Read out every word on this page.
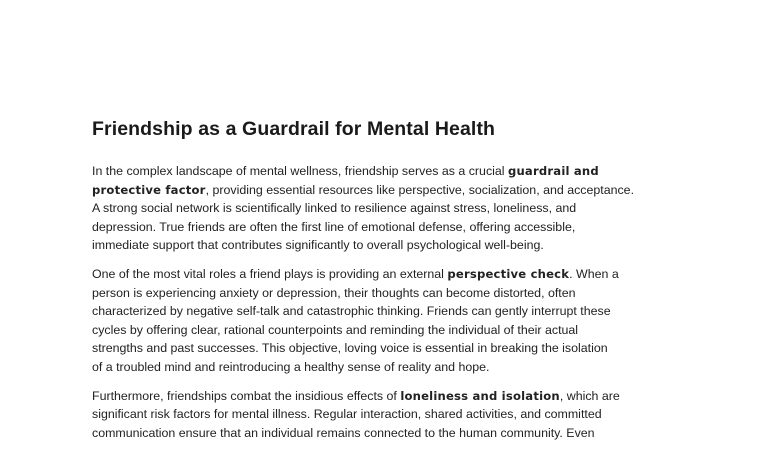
Friendship as a Guardrail for Mental Health

In the complex landscape of mental wellness, friendship serves as a crucial guardrail and
protective factor, providing essential resources like perspective, socialization, and acceptance.
A strong social network is scientifically linked to resilience against stress, loneliness, and
depression. True friends are often the first line of emotional defense, offering accessible,
immediate support that contributes significantly to overall psychological well-being.

One of the most vital roles a friend plays is providing an external perspective check. When a
person is experiencing anxiety or depression, their thoughts can become distorted, often
characterized by negative self-talk and catastrophic thinking. Friends can gently interrupt these
cycles by offering clear, rational counterpoints and reminding the individual of their actual
strengths and past successes. This objective, loving voice is essential in breaking the isolation
of a troubled mind and reintroducing a healthy sense of reality and hope.

Furthermore, friendships combat the insidious effects of loneliness and isolation, which are
significant risk factors for mental illness. Regular interaction, shared activities, and committed
communication ensure that an individual remains connected to the human community. Even
